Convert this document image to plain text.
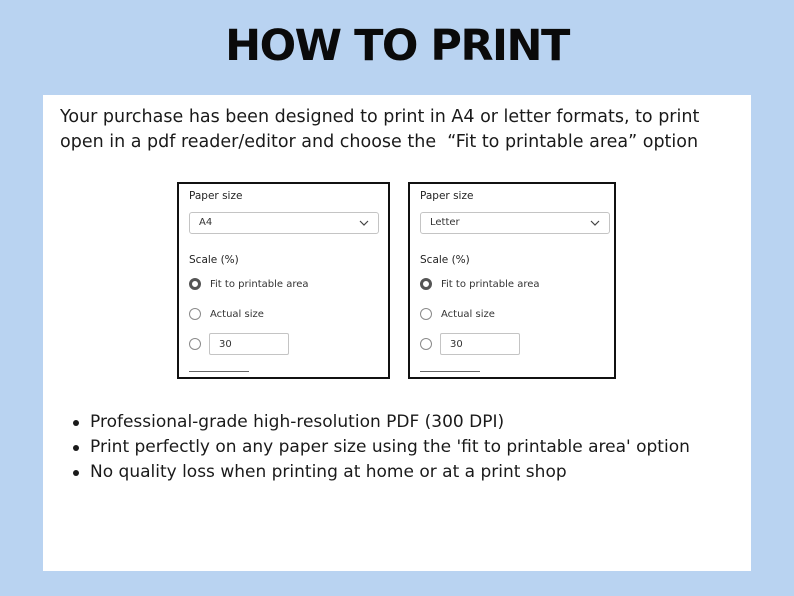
HOW TO PRINT
Your purchase has been designed to print in A4 or letter formats, to print open in a pdf reader/editor and choose the  “Fit to printable area” option
Paper size
A4
Scale (%)
Fit to printable area
Actual size
30
Paper size
Letter
Scale (%)
Fit to printable area
Actual size
30
Professional-grade high-resolution PDF (300 DPI)
Print perfectly on any paper size using the 'fit to printable area' option
No quality loss when printing at home or at a print shop
